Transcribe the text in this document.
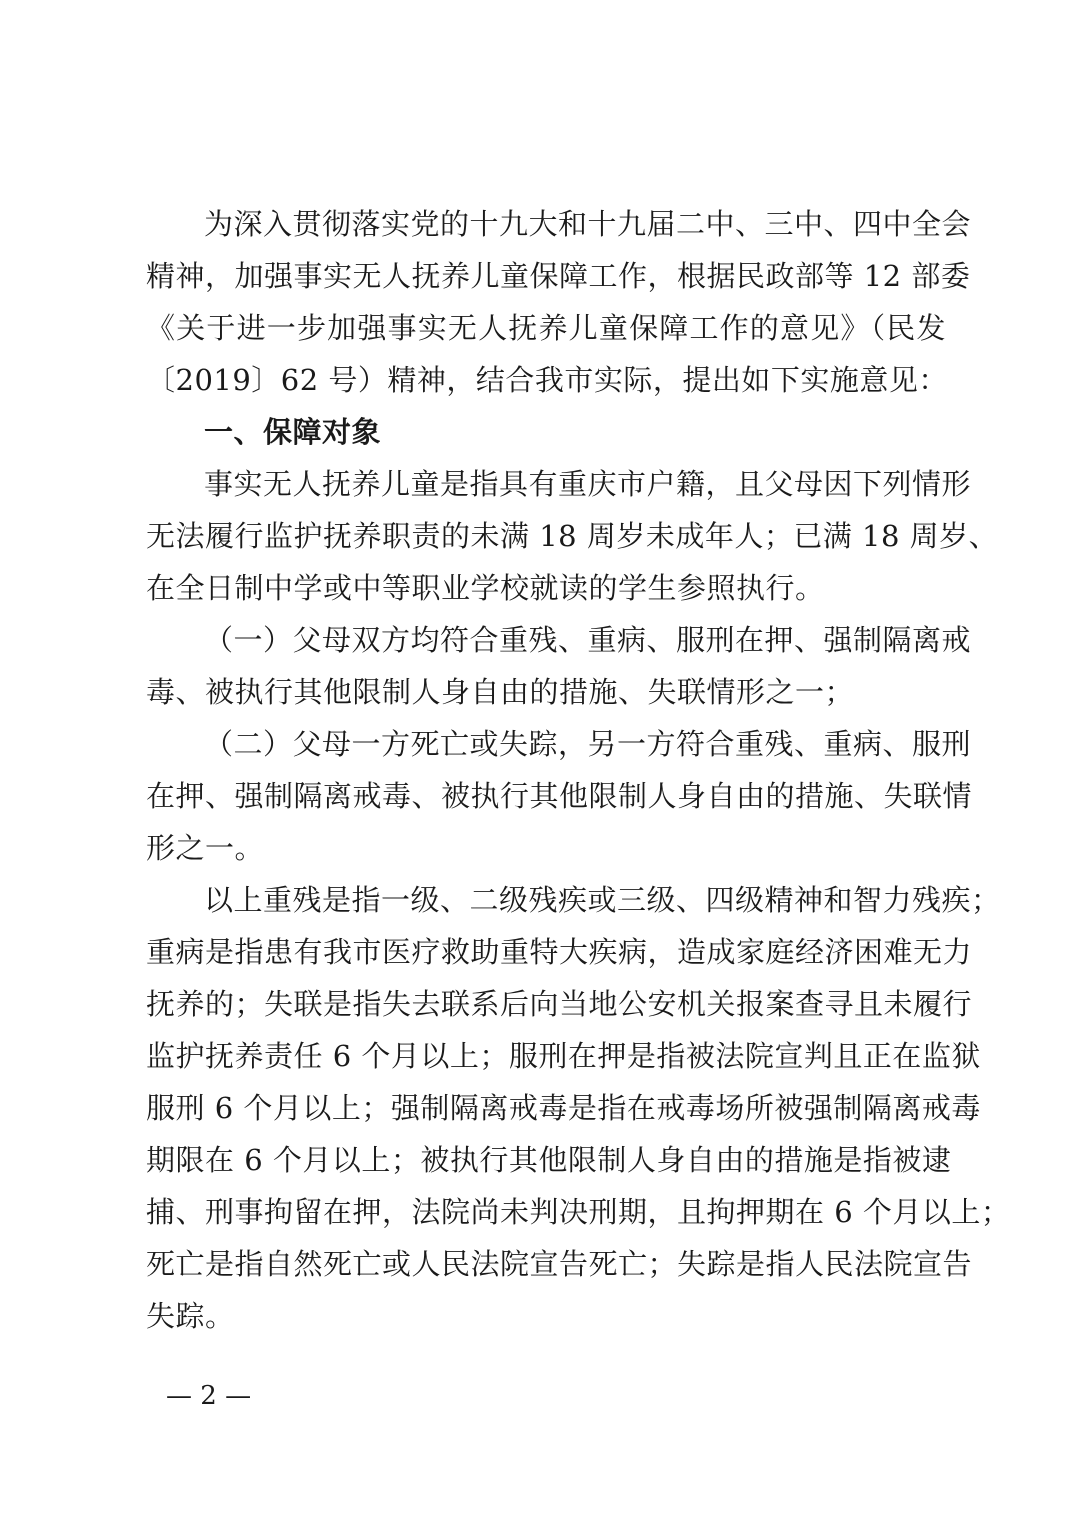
为深入贯彻落实党的十九大和十九届二中、三中、四中全会
精神，加强事实无人抚养儿童保障工作，根据民政部等 12 部委
《关于进一步加强事实无人抚养儿童保障工作的意见》（民发
〔2019〕62 号）精神，结合我市实际，提出如下实施意见：
一、保障对象
事实无人抚养儿童是指具有重庆市户籍，且父母因下列情形
无法履行监护抚养职责的未满 18 周岁未成年人；已满 18 周岁、
在全日制中学或中等职业学校就读的学生参照执行。
（一）父母双方均符合重残、重病、服刑在押、强制隔离戒
毒、被执行其他限制人身自由的措施、失联情形之一；
（二）父母一方死亡或失踪，另一方符合重残、重病、服刑
在押、强制隔离戒毒、被执行其他限制人身自由的措施、失联情
形之一。
以上重残是指一级、二级残疾或三级、四级精神和智力残疾；
重病是指患有我市医疗救助重特大疾病，造成家庭经济困难无力
抚养的；失联是指失去联系后向当地公安机关报案查寻且未履行
监护抚养责任 6 个月以上；服刑在押是指被法院宣判且正在监狱
服刑 6 个月以上；强制隔离戒毒是指在戒毒场所被强制隔离戒毒
期限在 6 个月以上；被执行其他限制人身自由的措施是指被逮
捕、刑事拘留在押，法院尚未判决刑期，且拘押期在 6 个月以上；
死亡是指自然死亡或人民法院宣告死亡；失踪是指人民法院宣告
失踪。
— 2 —
